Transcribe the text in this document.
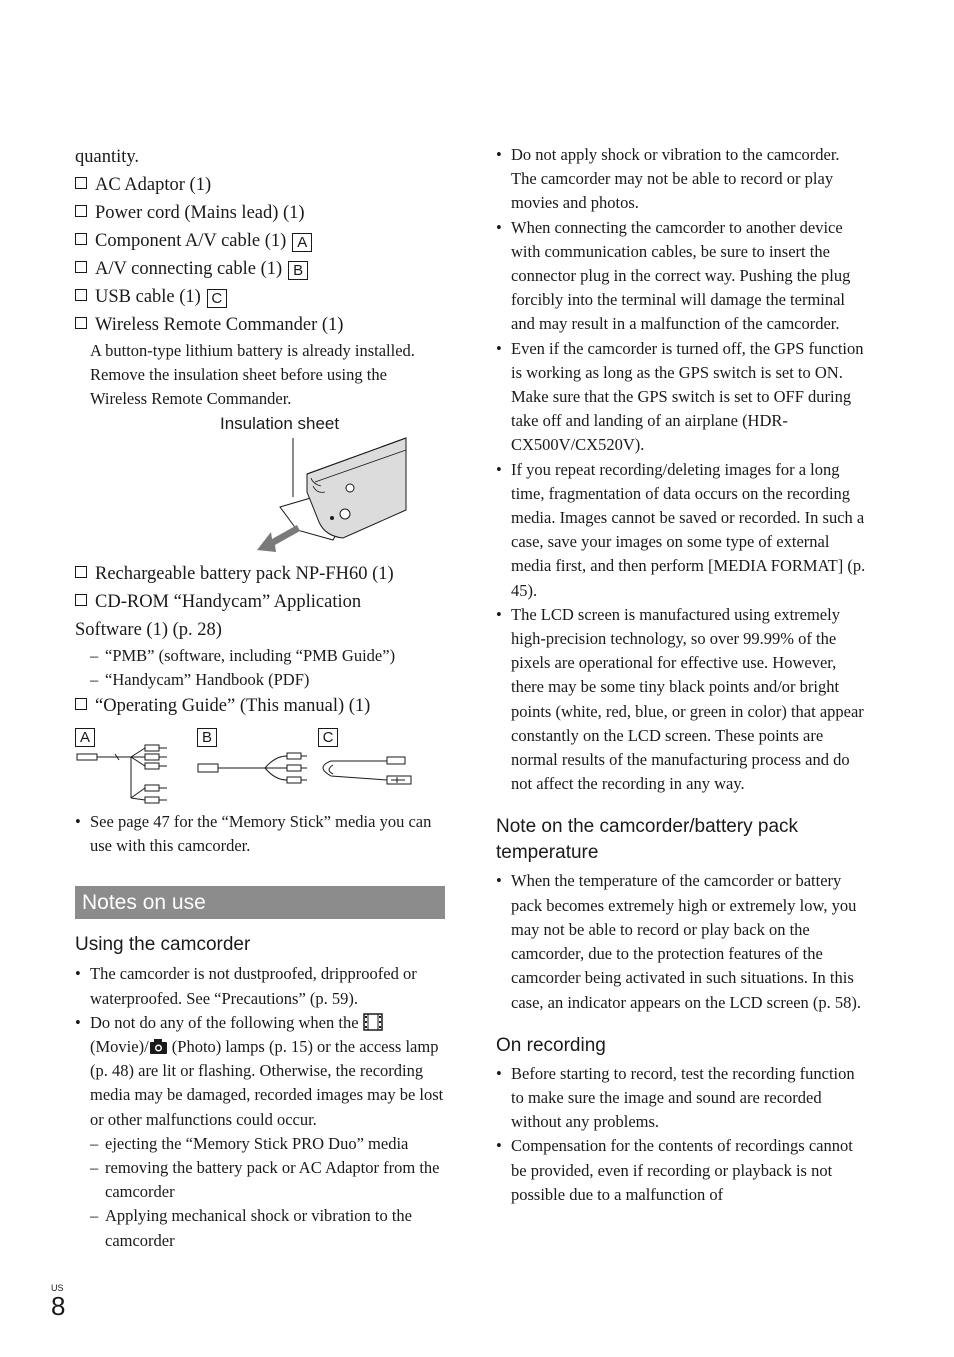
quantity.

AC Adaptor (1)

Power cord (Mains lead) (1)

Component A/V cable (1) A

A/V connecting cable (1) B

USB cable (1) C

Wireless Remote Commander (1)

A button-type lithium battery is already installed. Remove the insulation sheet before using the Wireless Remote Commander.

Insulation sheet

Rechargeable battery pack NP-FH60 (1)

CD-ROM “Handycam” Application

Software (1) (p. 28)

– “PMB” (software, including “PMB Guide”)
– “Handycam” Handbook (PDF)

“Operating Guide” (This manual) (1)

A	B	C
• See page 47 for the “Memory Stick” media you can use with this camcorder.
Notes on use
Using the camcorder
• The camcorder is not dustproofed, dripproofed or waterproofed. See “Precautions” (p. 59).
• Do not do any of the following when the  (Movie)/ (Photo) lamps (p. 15) or the access lamp (p. 48) are lit or flashing. Otherwise, the recording media may be damaged, recorded images may be lost or other malfunctions could occur.
– ejecting the “Memory Stick PRO Duo” media
– removing the battery pack or AC Adaptor from the camcorder
– Applying mechanical shock or vibration to the camcorder
• Do not apply shock or vibration to the camcorder. The camcorder may not be able to record or play movies and photos.
• When connecting the camcorder to another device with communication cables, be sure to insert the connector plug in the correct way. Pushing the plug forcibly into the terminal will damage the terminal and may result in a malfunction of the camcorder.
• Even if the camcorder is turned off, the GPS function is working as long as the GPS switch is set to ON. Make sure that the GPS switch is set to OFF during take off and landing of an airplane (HDR-CX500V/CX520V).
• If you repeat recording/deleting images for a long time, fragmentation of data occurs on the recording media. Images cannot be saved or recorded. In such a case, save your images on some type of external media first, and then perform [MEDIA FORMAT] (p. 45).
• The LCD screen is manufactured using extremely high-precision technology, so over 99.99% of the pixels are operational for effective use. However, there may be some tiny black points and/or bright points (white, red, blue, or green in color) that appear constantly on the LCD screen. These points are normal results of the manufacturing process and do not affect the recording in any way.
Note on the camcorder/battery pack temperature
• When the temperature of the camcorder or battery pack becomes extremely high or extremely low, you may not be able to record or play back on the camcorder, due to the protection features of the camcorder being activated in such situations. In this case, an indicator appears on the LCD screen (p. 58).
On recording
• Before starting to record, test the recording function to make sure the image and sound are recorded without any problems.
• Compensation for the contents of recordings cannot be provided, even if recording or playback is not possible due to a malfunction of
US
8
